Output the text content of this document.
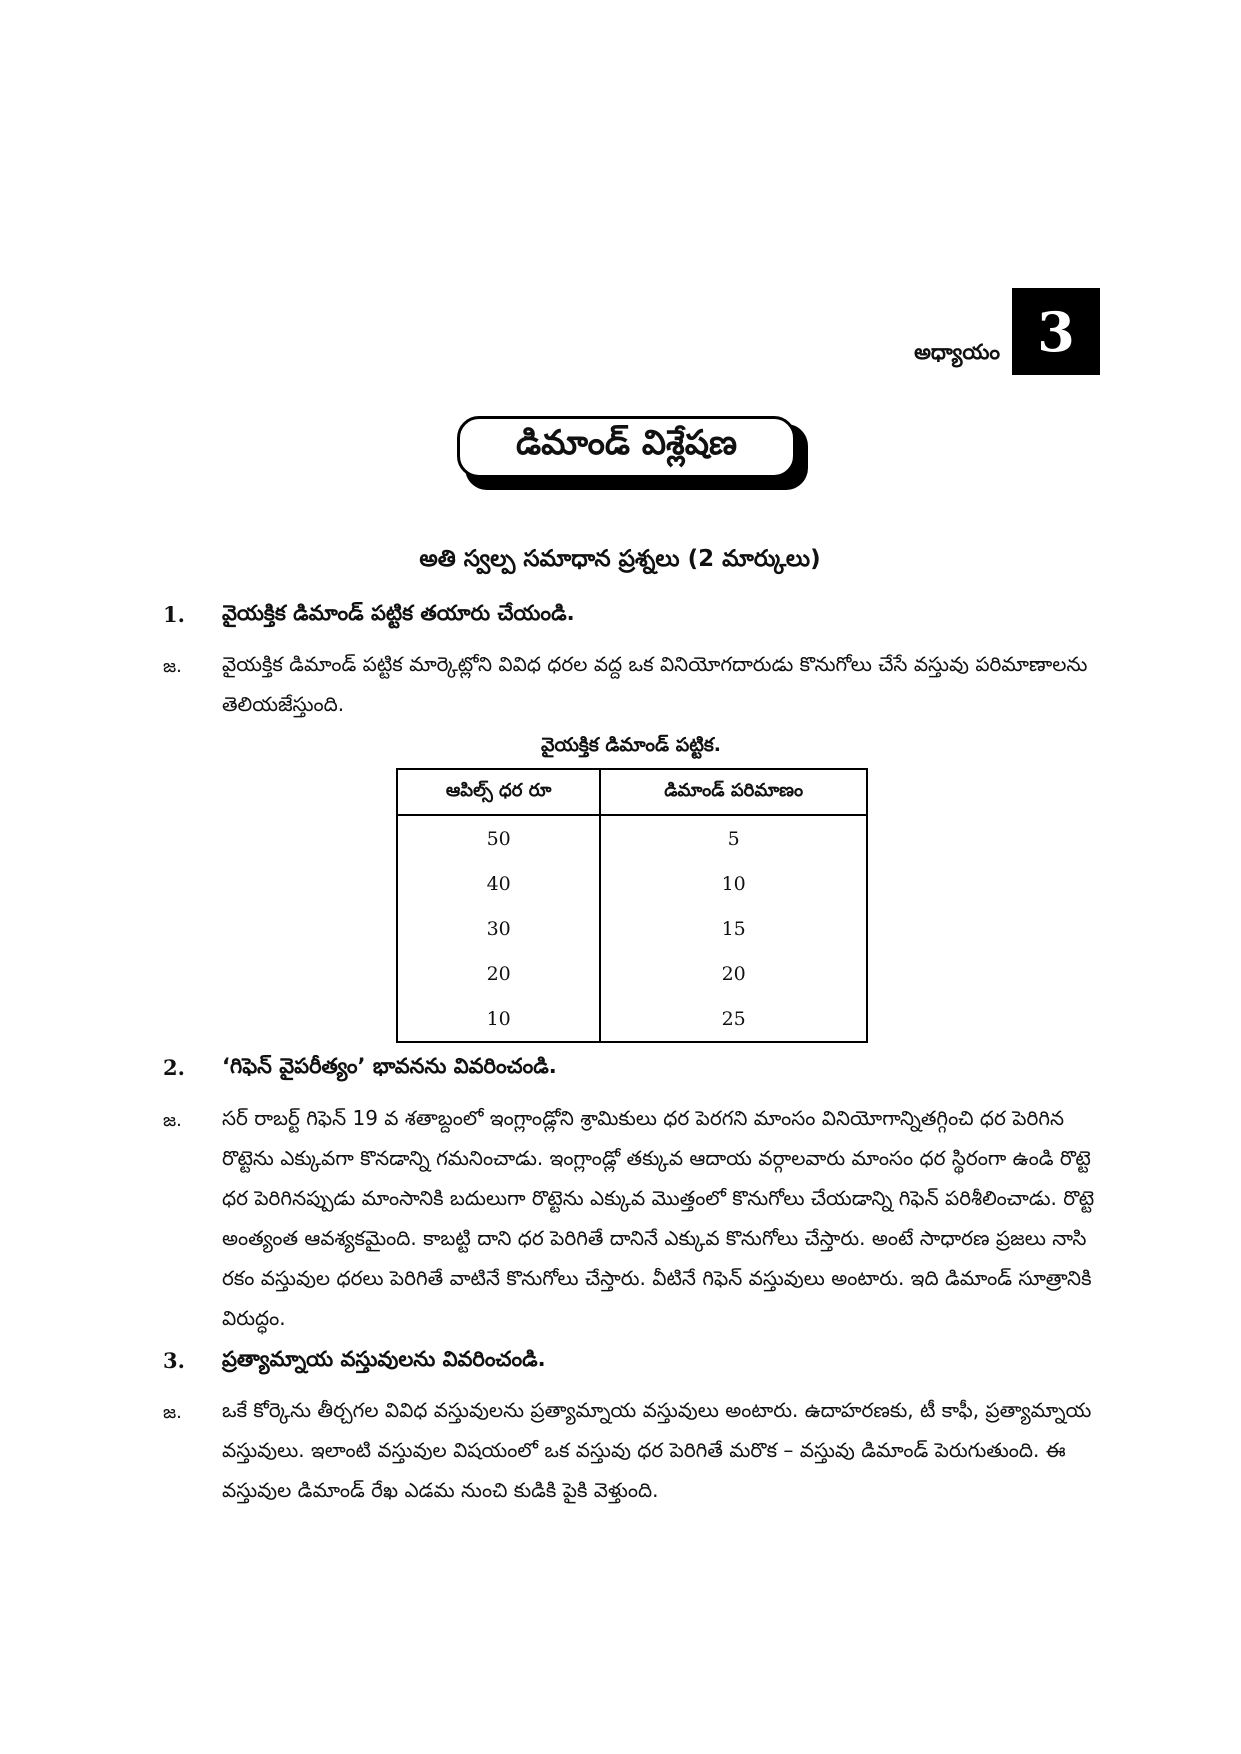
అధ్యాయం 3
డిమాండ్ విశ్లేషణ
అతి స్వల్ప సమాధాన ప్రశ్నలు (2 మార్కులు)
1. వైయక్తిక డిమాండ్ పట్టిక తయారు చేయండి.
జ. వైయక్తిక డిమాండ్ పట్టిక మార్కెట్లోని వివిధ ధరల వద్ద ఒక వినియోగదారుడు కొనుగోలు చేసే వస్తువు పరిమాణాలను తెలియజేస్తుంది.
వైయక్తిక డిమాండ్ పట్టిక.
ఆపిల్స్ ధర రూ	డిమాండ్ పరిమాణం
50	5
40	10
30	15
20	20
10	25
2. ‘గిఫెన్ వైపరీత్యం’ భావనను వివరించండి.
జ. సర్ రాబర్ట్ గిఫెన్ 19 వ శతాబ్దంలో ఇంగ్లాండ్లోని శ్రామికులు ధర పెరగని మాంసం వినియోగాన్నితగ్గించి ధర పెరిగిన రొట్టెను ఎక్కువగా కొనడాన్ని గమనించాడు. ఇంగ్లాండ్లో తక్కువ ఆదాయ వర్గాలవారు మాంసం ధర స్థిరంగా ఉండి రొట్టె ధర పెరిగినప్పుడు మాంసానికి బదులుగా రొట్టెను ఎక్కువ మొత్తంలో కొనుగోలు చేయడాన్ని గిఫెన్ పరిశీలించాడు. రొట్టె అంత్యంత ఆవశ్యకమైంది. కాబట్టి దాని ధర పెరిగితే దానినే ఎక్కువ కొనుగోలు చేస్తారు. అంటే సాధారణ ప్రజలు నాసి రకం వస్తువుల ధరలు పెరిగితే వాటినే కొనుగోలు చేస్తారు. వీటినే గిఫెన్ వస్తువులు అంటారు. ఇది డిమాండ్ సూత్రానికి విరుద్ధం.
3. ప్రత్యామ్నాయ వస్తువులను వివరించండి.
జ. ఒకే కోర్కెను తీర్చగల వివిధ వస్తువులను ప్రత్యామ్నాయ వస్తువులు అంటారు. ఉదాహరణకు, టీ కాఫీ, ప్రత్యామ్నాయ వస్తువులు. ఇలాంటి వస్తువుల విషయంలో ఒక వస్తువు ధర పెరిగితే మరొక – వస్తువు డిమాండ్ పెరుగుతుంది. ఈ వస్తువుల డిమాండ్ రేఖ ఎడమ నుంచి కుడికి పైకి వెళ్తుంది.
